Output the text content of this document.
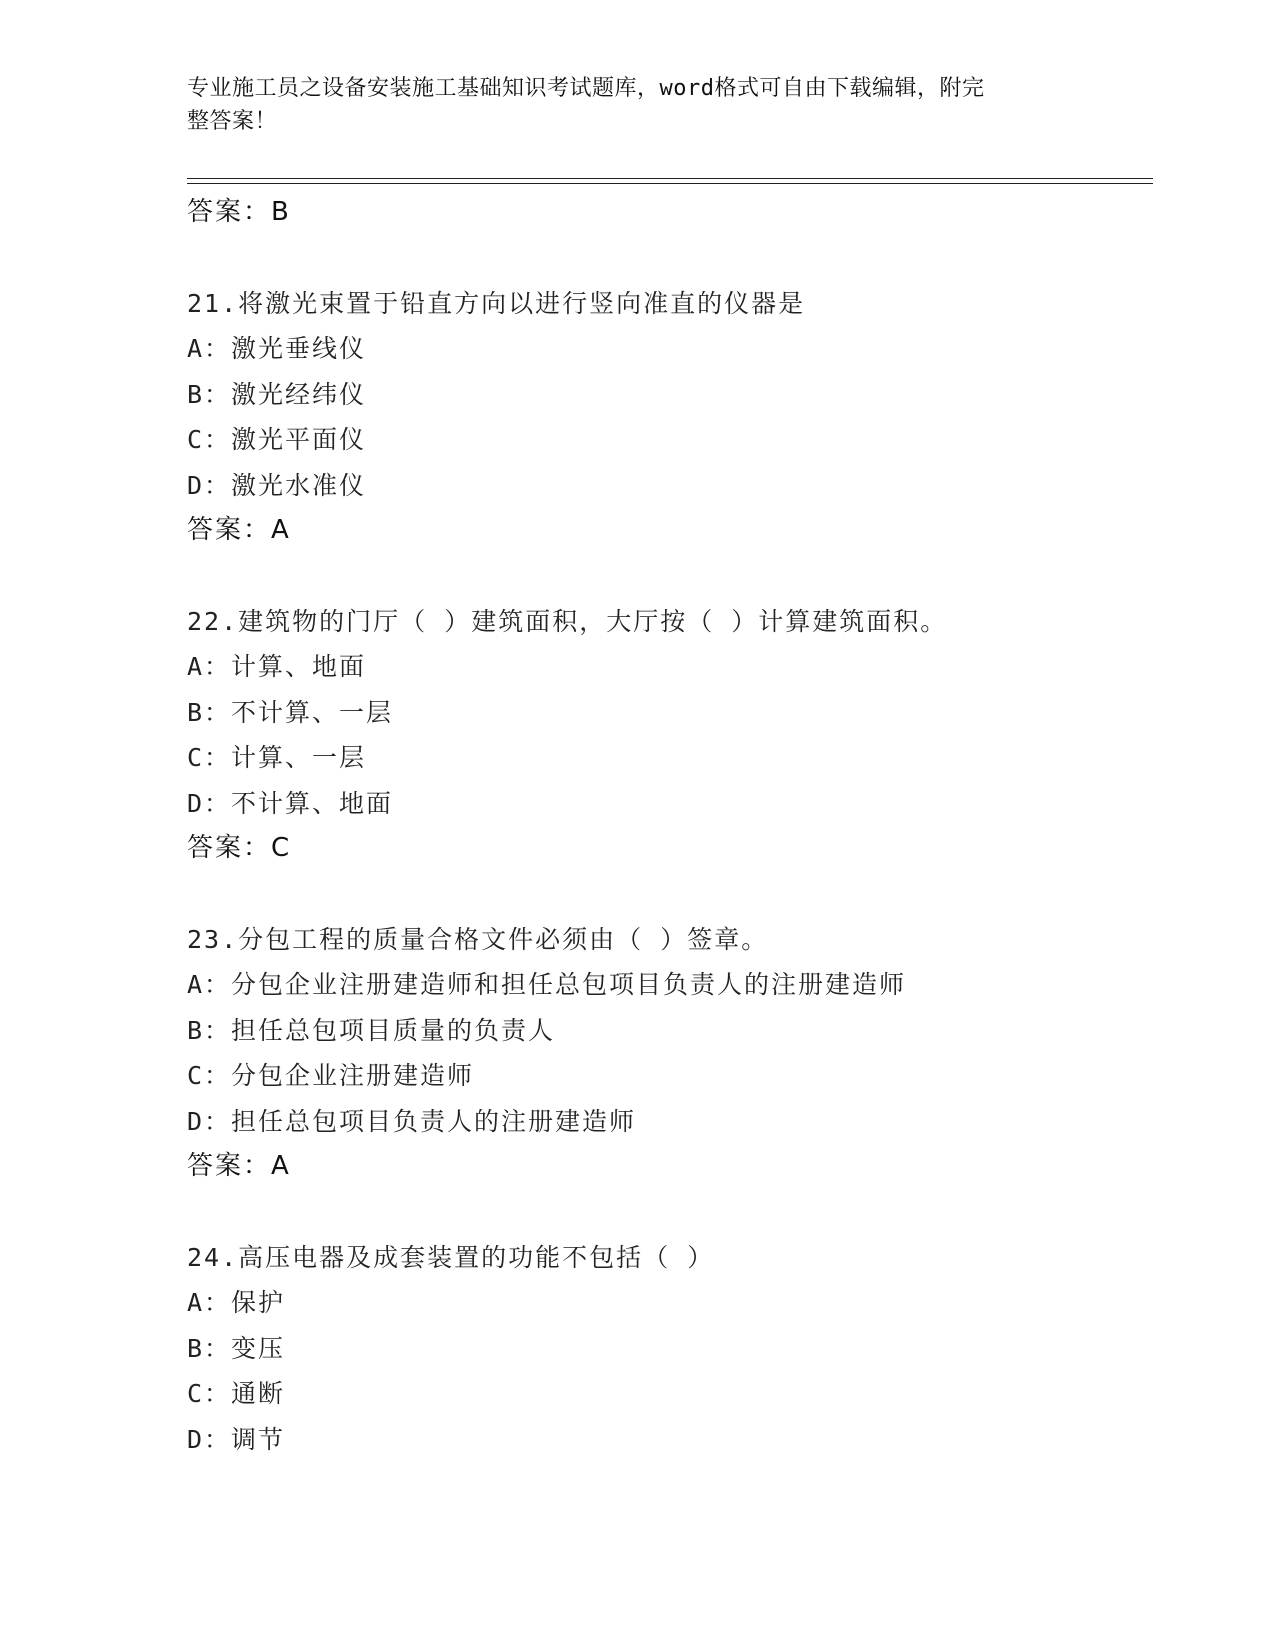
专业施工员之设备安装施工基础知识考试题库，word格式可自由下载编辑，附完
整答案！
答案：B
21.将激光束置于铅直方向以进行竖向准直的仪器是
A：激光垂线仪
B：激光经纬仪
C：激光平面仪
D：激光水准仪
答案：A
22.建筑物的门厅（ ）建筑面积，大厅按（ ）计算建筑面积。
A：计算、地面
B：不计算、一层
C：计算、一层
D：不计算、地面
答案：C
23.分包工程的质量合格文件必须由（ ）签章。
A：分包企业注册建造师和担任总包项目负责人的注册建造师
B：担任总包项目质量的负责人
C：分包企业注册建造师
D：担任总包项目负责人的注册建造师
答案：A
24.高压电器及成套装置的功能不包括（ ）
A：保护
B：变压
C：通断
D：调节
